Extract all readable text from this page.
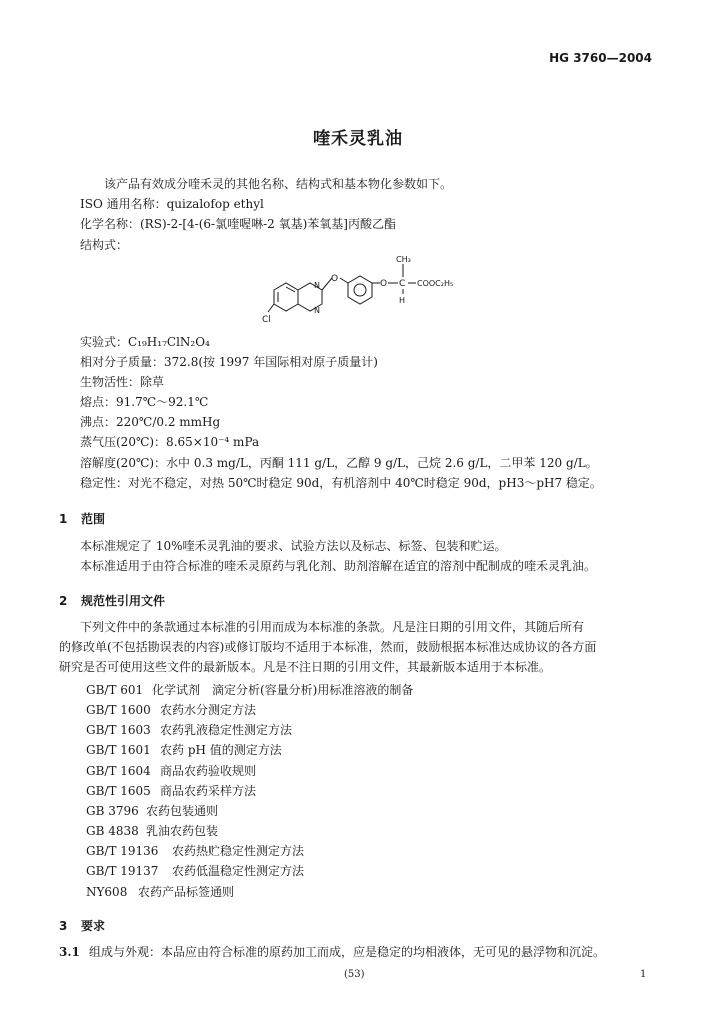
HG 3760—2004
喹禾灵乳油
该产品有效成分喹禾灵的其他名称、结构式和基本物化参数如下。
ISO 通用名称：quizalofop ethyl
化学名称：(RS)-2-[4-(6-氯喹喔啉-2 氧基)苯氧基]丙酸乙酯
结构式：
Cl
N
N
O	O C
CH₃
COOC₂H₅
H
实验式：C₁₉H₁₇ClN₂O₄
相对分子质量：372.8(按 1997 年国际相对原子质量计)
生物活性：除草
熔点：91.7℃～92.1℃
沸点：220℃/0.2 mmHg
蒸气压(20℃)：8.65×10⁻⁴ mPa
溶解度(20℃)：水中 0.3 mg/L，丙酮 111 g/L，乙醇 9 g/L，己烷 2.6 g/L，二甲苯 120 g/L。
稳定性：对光不稳定，对热 50℃时稳定 90d，有机溶剂中 40℃时稳定 90d，pH3～pH7 稳定。
1 范围
本标准规定了 10%喹禾灵乳油的要求、试验方法以及标志、标签、包装和贮运。
本标准适用于由符合标准的喹禾灵原药与乳化剂、助剂溶解在适宜的溶剂中配制成的喹禾灵乳油。
2 规范性引用文件
下列文件中的条款通过本标准的引用而成为本标准的条款。凡是注日期的引用文件，其随后所有
的修改单(不包括勘误表的内容)或修订版均不适用于本标准，然而，鼓励根据本标准达成协议的各方面
研究是否可使用这些文件的最新版本。凡是不注日期的引用文件，其最新版本适用于本标准。
GB/T 601 化学试剂　滴定分析(容量分析)用标准溶液的制备
GB/T 1600 农药水分测定方法
GB/T 1603 农药乳液稳定性测定方法
GB/T 1601 农药 pH 值的测定方法
GB/T 1604 商品农药验收规则
GB/T 1605 商品农药采样方法
GB 3796 农药包装通则
GB 4838 乳油农药包装
GB/T 19136 农药热贮稳定性测定方法
GB/T 19137 农药低温稳定性测定方法
NY608 农药产品标签通则
3 要求
3.1 组成与外观：本品应由符合标准的原药加工而成，应是稳定的均相液体，无可见的悬浮物和沉淀。
(53)	1
